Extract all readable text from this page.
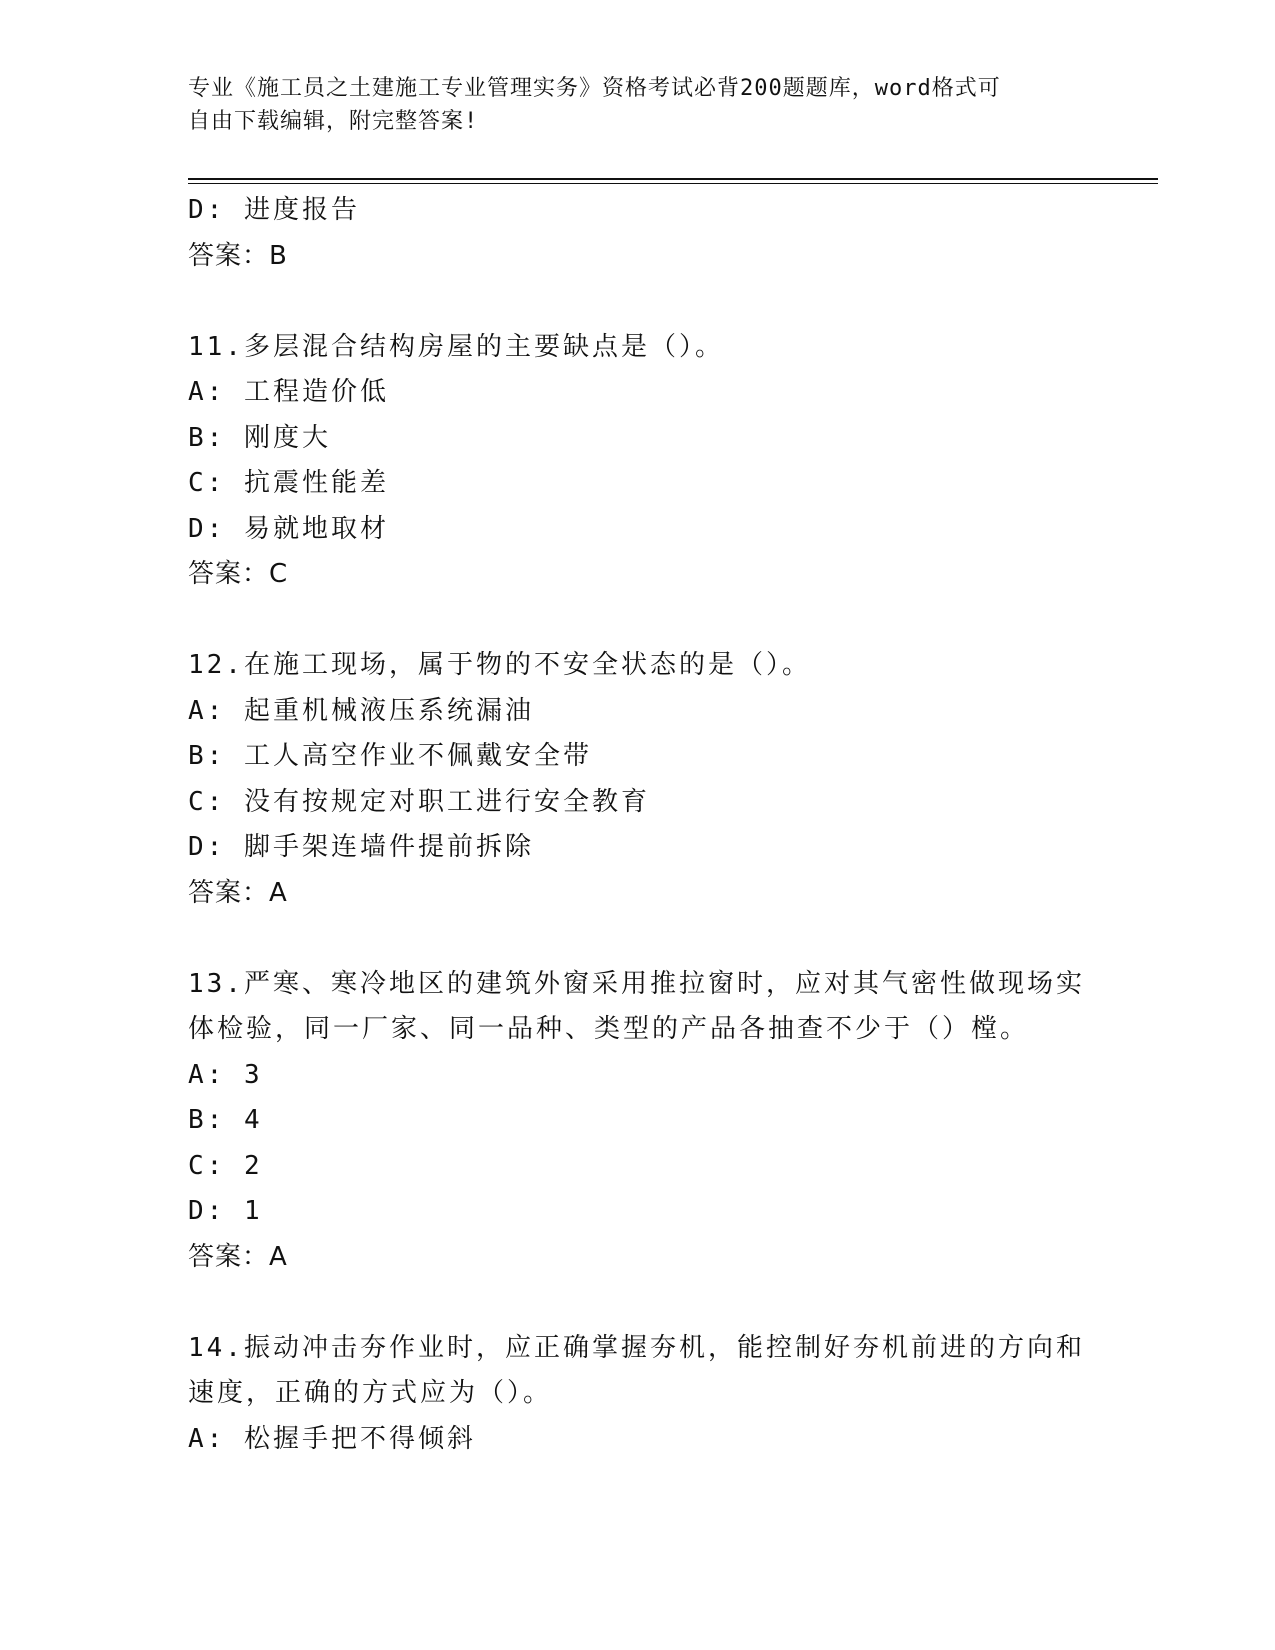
专业《施工员之土建施工专业管理实务》资格考试必背200题题库，word格式可
自由下载编辑，附完整答案!
D: 进度报告
答案：B
11.多层混合结构房屋的主要缺点是（）。
A: 工程造价低
B: 刚度大
C: 抗震性能差
D: 易就地取材
答案：C
12.在施工现场，属于物的不安全状态的是（）。
A: 起重机械液压系统漏油
B: 工人高空作业不佩戴安全带
C: 没有按规定对职工进行安全教育
D: 脚手架连墙件提前拆除
答案：A
13.严寒、寒冷地区的建筑外窗采用推拉窗时，应对其气密性做现场实
体检验，同一厂家、同一品种、类型的产品各抽查不少于（）樘。
A: 3
B: 4
C: 2
D: 1
答案：A
14.振动冲击夯作业时，应正确掌握夯机，能控制好夯机前进的方向和
速度，正确的方式应为（）。
A: 松握手把不得倾斜
